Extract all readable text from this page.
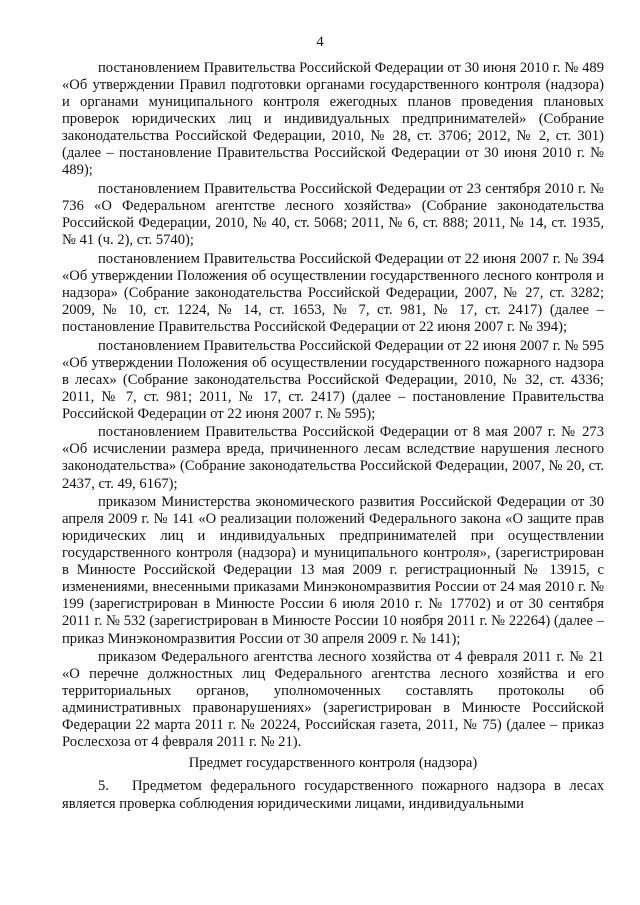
4

постановлением Правительства Российской Федерации от 30 июня 2010 г. № 489 «Об утверждении Правил подготовки органами государственного контроля (надзора) и органами муниципального контроля ежегодных планов проведения плановых проверок юридических лиц и индивидуальных предпринимателей» (Собрание законодательства Российской Федерации, 2010, № 28, ст. 3706; 2012, № 2, ст. 301) (далее – постановление Правительства Российской Федерации от 30 июня 2010 г. № 489);

постановлением Правительства Российской Федерации от 23 сентября 2010 г. № 736 «О Федеральном агентстве лесного хозяйства» (Собрание законодательства Российской Федерации, 2010, № 40, ст. 5068; 2011, № 6, ст. 888; 2011, № 14, ст. 1935, № 41 (ч. 2), ст. 5740);

постановлением Правительства Российской Федерации от 22 июня 2007 г. № 394 «Об утверждении Положения об осуществлении государственного лесного контроля и надзора» (Собрание законодательства Российской Федерации, 2007, № 27, ст. 3282; 2009, № 10, ст. 1224, № 14, ст. 1653, № 7, ст. 981, № 17, ст. 2417) (далее – постановление Правительства Российской Федерации от 22 июня 2007 г. № 394);

постановлением Правительства Российской Федерации от 22 июня 2007 г. № 595 «Об утверждении Положения об осуществлении государственного пожарного надзора в лесах» (Собрание законодательства Российской Федерации, 2010, № 32, ст. 4336; 2011, № 7, ст. 981; 2011, № 17, ст. 2417) (далее – постановление Правительства Российской Федерации от 22 июня 2007 г. № 595);

постановлением Правительства Российской Федерации от 8 мая 2007 г. № 273 «Об исчислении размера вреда, причиненного лесам вследствие нарушения лесного законодательства» (Собрание законодательства Российской Федерации, 2007, № 20, ст. 2437, ст. 49, 6167);

приказом Министерства экономического развития Российской Федерации от 30 апреля 2009 г. № 141 «О реализации положений Федерального закона «О защите прав юридических лиц и индивидуальных предпринимателей при осуществлении государственного контроля (надзора) и муниципального контроля», (зарегистрирован в Минюсте Российской Федерации 13 мая 2009 г. регистрационный № 13915, с изменениями, внесенными приказами Минэкономразвития России от 24 мая 2010 г. № 199 (зарегистрирован в Минюсте России 6 июля 2010 г. № 17702) и от 30 сентября 2011 г. № 532 (зарегистрирован в Минюсте России 10 ноября 2011 г. № 22264) (далее – приказ Минэкономразвития России от 30 апреля 2009 г. № 141);

приказом Федерального агентства лесного хозяйства от 4 февраля 2011 г. № 21 «О перечне должностных лиц Федерального агентства лесного хозяйства и его территориальных органов, уполномоченных составлять протоколы об административных правонарушениях» (зарегистрирован в Минюсте Российской Федерации 22 марта 2011 г. № 20224, Российская газета, 2011, № 75) (далее – приказ Рослесхоза от 4 февраля 2011 г. № 21).

Предмет государственного контроля (надзора)

5. Предметом федерального государственного пожарного надзора в лесах является проверка соблюдения юридическими лицами, индивидуальными
